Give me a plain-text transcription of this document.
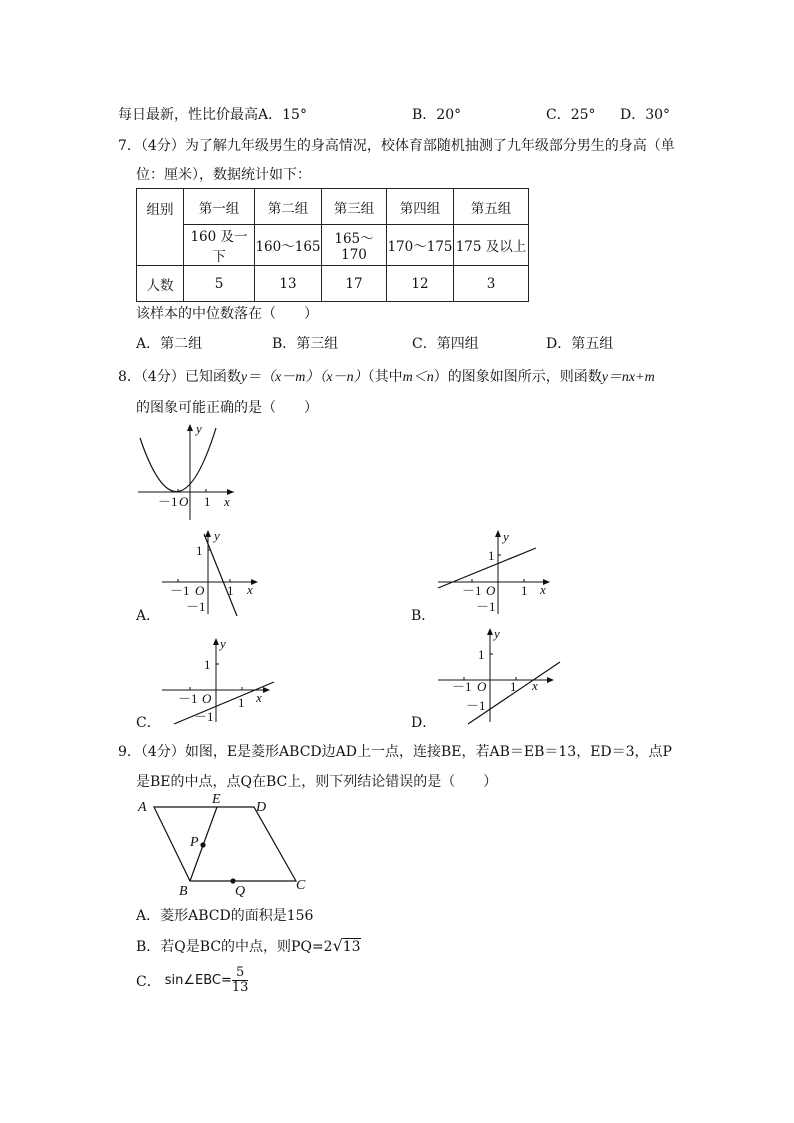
每日最新，性比价最高A．15°	B．20°	C．25° D．30°
7．（4分）为了解九年级男生的身高情况，校体育部随机抽测了九年级部分男生的身高（单
位：厘米），数据统计如下：
组别	第一组	第二组	第三组	第四组	第五组
	160 及一下	160～165	165～170	170～175	175 及以上
人数	5	13	17	12	3
该样本的中位数落在（　　）
A．第二组	B．第三组	C．第四组	D．第五组
8．（4分）已知函数y＝（x－m）（x－n）（其中m＜n）的图象如图所示，则函数y＝nx+m
的图象可能正确的是（　　）
y
x
O
－1 1
y
x
1
－1 O 1
－1
A．
y
x
1
－1 O 1
－1
B．
y
x
1
－1 O 1
－1
C．
y
x
1
－1 O 1
－1
D．
9．（4分）如图，E是菱形ABCD边AD上一点，连接BE，若AB＝EB＝13，ED＝3，点P
是BE的中点，点Q在BC上，则下列结论错误的是（　　）
A
E
D
P
B	Q	C
A．菱形ABCD的面积是156
B．若Q是BC的中点，则PQ=2√13
C． sin∠EBC= $\frac{5}{13}$
